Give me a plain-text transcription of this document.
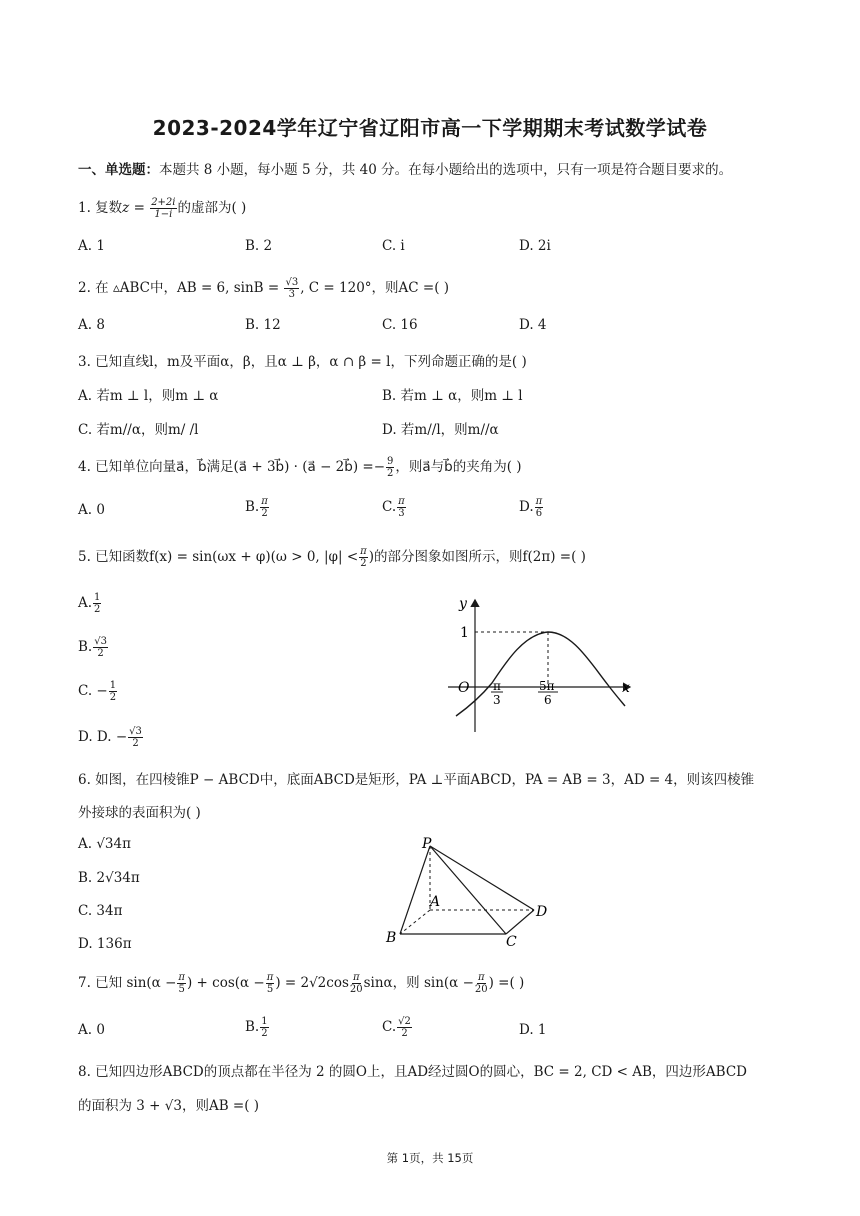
2023-2024学年辽宁省辽阳市高一下学期期末考试数学试卷
一、单选题：本题共 8 小题，每小题 5 分，共 40 分。在每小题给出的选项中，只有一项是符合题目要求的。
1. 复数$z = \frac{2+2i}{1-i}$ 的虚部为( )
A. 1	B. 2	C. i	D. 2i
2. 在 ▵ABC中，AB = 6, $\sin B = \frac{√3}{3}$ , C = 120°，则AC =( )
A. 8	B. 12	C. 16	D. 4
3. 已知直线l，m及平面α，β，且α ⊥ β，α ∩ β = l，下列命题正确的是( )
A. 若m ⊥ l，则m ⊥ α	B. 若m ⊥ α，则m ⊥ l
C. 若m//α，则m/ /l	D. 若m//l，则m//α
4. 已知单位向量a⃗，b⃗满足(a⃗ + 3b⃗) · (a⃗ − 2b⃗) =− $\frac{9}{2}$ ，则a⃗与b⃗的夹角为( )
A. 0	B. $\frac{\pi}{2}$	C. $\frac{\pi}{3}$	D. $\frac{\pi}{6}$
5. 已知函数f(x) = sin(ωx + φ)(ω > 0, $|\varphi| < \frac{\pi}{2}$ )的部分图象如图所示，则f(2π) =( )
A. $\frac{1}{2}$
B. $\frac{√3}{2}$
C. − $\frac{1}{2}$
D. D. − $\frac{√3}{2}$
y
x
O
1
π
3
5π
6
6. 如图，在四棱锥P − ABCD中，底面ABCD是矩形，PA ⊥平面ABCD，PA = AB = 3，AD = 4，则该四棱锥
外接球的表面积为( )
A. √34π
B. 2√34π
C. 34π
D. 136π
P
A
B	C
D
7. 已知 $\sin(\alpha - \frac{\pi}{5}$ ) + $\cos(\alpha - \frac{\pi}{5}$ ) = $2√2\cos \frac{\pi}{20}$ sinα，则 $\sin(\alpha - \frac{\pi}{20}$ ) =( )
A. 0	B. $\frac{1}{2}$	C. $\frac{√2}{2}$	D. 1
8. 已知四边形ABCD的顶点都在半径为 2 的圆O上，且AD经过圆O的圆心，BC = 2, CD < AB，四边形ABCD
的面积为 3 + √3，则AB =( )
第 1页，共 15页
